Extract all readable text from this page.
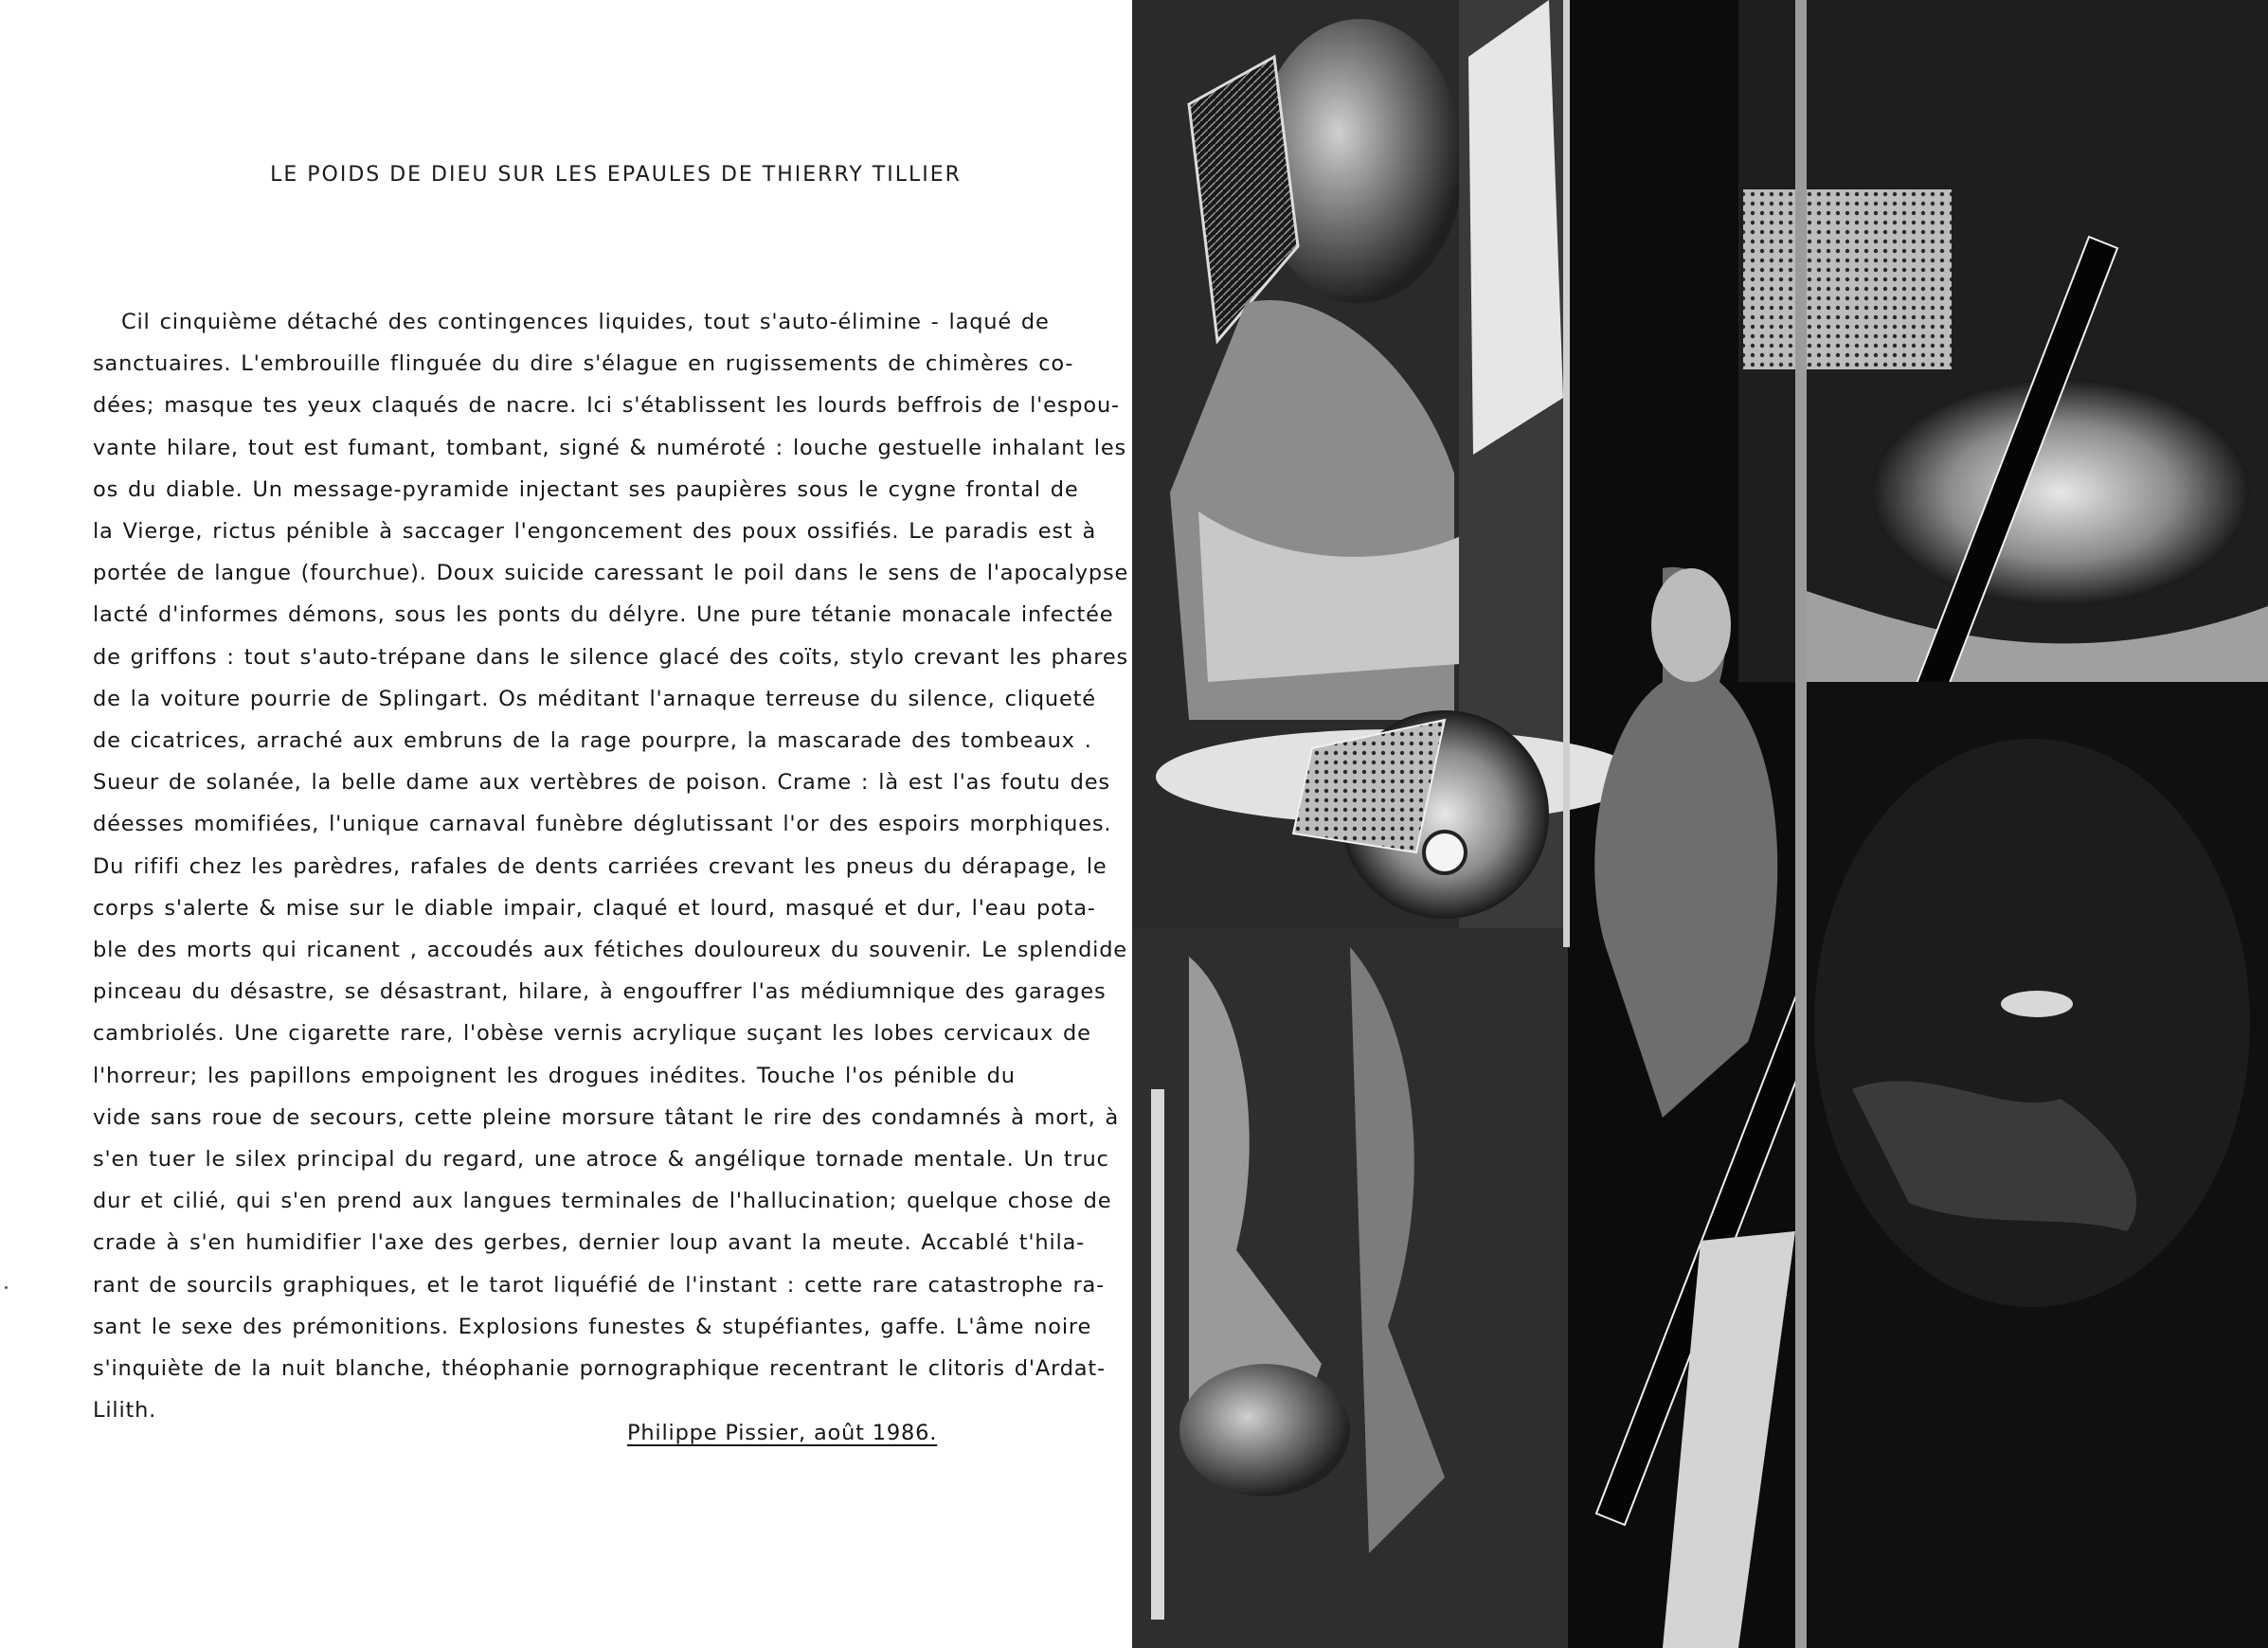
LE POIDS DE DIEU SUR LES EPAULES DE THIERRY TILLIER
Cil cinquième détaché des contingences liquides, tout s'auto-élimine - laqué de
sanctuaires. L'embrouille flinguée du dire s'élague en rugissements de chimères co-
dées; masque tes yeux claqués de nacre. Ici s'établissent les lourds beffrois de l'espou-
vante hilare, tout est fumant, tombant, signé & numéroté : louche gestuelle inhalant les
os du diable. Un message-pyramide injectant ses paupières sous le cygne frontal de
la Vierge, rictus pénible à saccager l'engoncement des poux ossifiés. Le paradis est à
portée de langue (fourchue). Doux suicide caressant le poil dans le sens de l'apocalypse
lacté d'informes démons, sous les ponts du délyre. Une pure tétanie monacale infectée
de griffons : tout s'auto-trépane dans le silence glacé des coïts, stylo crevant les phares
de la voiture pourrie de Splingart. Os méditant l'arnaque terreuse du silence, cliqueté
de cicatrices, arraché aux embruns de la rage pourpre, la mascarade des tombeaux .
Sueur de solanée, la belle dame aux vertèbres de poison. Crame : là est l'as foutu des
déesses momifiées, l'unique carnaval funèbre déglutissant l'or des espoirs morphiques.
Du rififi chez les parèdres, rafales de dents carriées crevant les pneus du dérapage, le
corps s'alerte & mise sur le diable impair, claqué et lourd, masqué et dur, l'eau pota-
ble des morts qui ricanent , accoudés aux fétiches douloureux du souvenir. Le splendide
pinceau du désastre, se désastrant, hilare, à engouffrer l'as médiumnique des garages
cambriolés. Une cigarette rare, l'obèse vernis acrylique suçant les lobes cervicaux de
l'horreur; les papillons empoignent les drogues inédites. Touche l'os pénible du
vide sans roue de secours, cette pleine morsure tâtant le rire des condamnés à mort, à
s'en tuer le silex principal du regard, une atroce & angélique tornade mentale. Un truc
dur et cilié, qui s'en prend aux langues terminales de l'hallucination; quelque chose de
crade à s'en humidifier l'axe des gerbes, dernier loup avant la meute. Accablé t'hila-
rant de sourcils graphiques, et le tarot liquéfié de l'instant : cette rare catastrophe ra-
sant le sexe des prémonitions. Explosions funestes & stupéfiantes, gaffe. L'âme noire
s'inquiète de la nuit blanche, théophanie pornographique recentrant le clitoris d'Ardat-
Lilith.
Philippe Pissier, août 1986.
